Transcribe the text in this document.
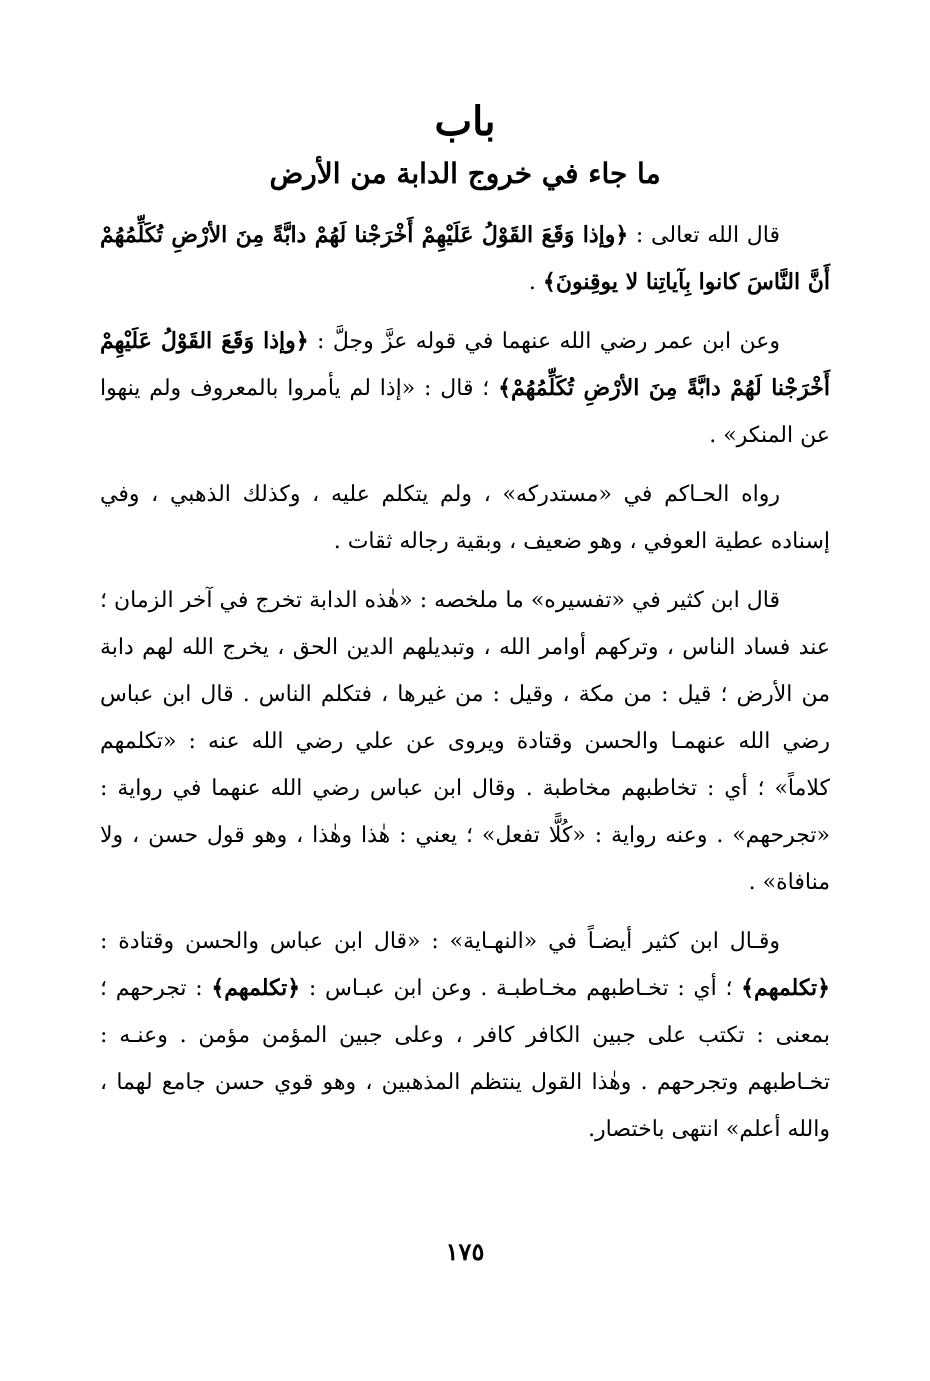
باب
ما جاء في خروج الدابة من الأرض

قال الله تعالى : ﴿وإذا وَقَعَ القَوْلُ عَلَيْهِمْ أَخْرَجْنا لَهُمْ دابَّةً مِنَ الأرْضِ تُكَلِّمُهُمْ أَنَّ النَّاسَ كانوا بِآياتِنا لا يوقِنونَ﴾ .

وعن ابن عمر رضي الله عنهما في قوله عزَّ وجلَّ : ﴿وإذا وَقَعَ القَوْلُ عَلَيْهِمْ أَخْرَجْنا لَهُمْ دابَّةً مِنَ الأرْضِ تُكَلِّمُهُمْ﴾ ؛ قال : «إذا لم يأمروا بالمعروف ولم ينهوا عن المنكر» .

رواه الحـاكم في «مستدركه» ، ولم يتكلم عليه ، وكذلك الذهبي ، وفي إسناده عطية العوفي ، وهو ضعيف ، وبقية رجاله ثقات .

قال ابن كثير في «تفسيره» ما ملخصه : «هٰذه الدابة تخرج في آخر الزمان ؛ عند فساد الناس ، وتركهم أوامر الله ، وتبديلهم الدين الحق ، يخرج الله لهم دابة من الأرض ؛ قيل : من مكة ، وقيل : من غيرها ، فتكلم الناس . قال ابن عباس رضي الله عنهمـا والحسن وقتادة ويروى عن علي رضي الله عنه : «تكلمهم كلاماً» ؛ أي : تخاطبهم مخاطبة . وقال ابن عباس رضي الله عنهما في رواية : «تجرحهم» . وعنه رواية : «كُلًّا تفعل» ؛ يعني : هٰذا وهٰذا ، وهو قول حسن ، ولا منافاة» .

وقـال ابن كثير أيضـاً في «النهـاية» : «قال ابن عباس والحسن وقتادة : ﴿تكلمهم﴾ ؛ أي : تخـاطبهم مخـاطبـة . وعن ابن عبـاس : ﴿تكلمهم﴾ : تجرحهم ؛ بمعنى : تكتب على جبين الكافر كافر ، وعلى جبين المؤمن مؤمن . وعنـه : تخـاطبهم وتجرحهم . وهٰذا القول ينتظم المذهبين ، وهو قوي حسن جامع لهما ، والله أعلم» انتهى باختصار.

١٧٥
